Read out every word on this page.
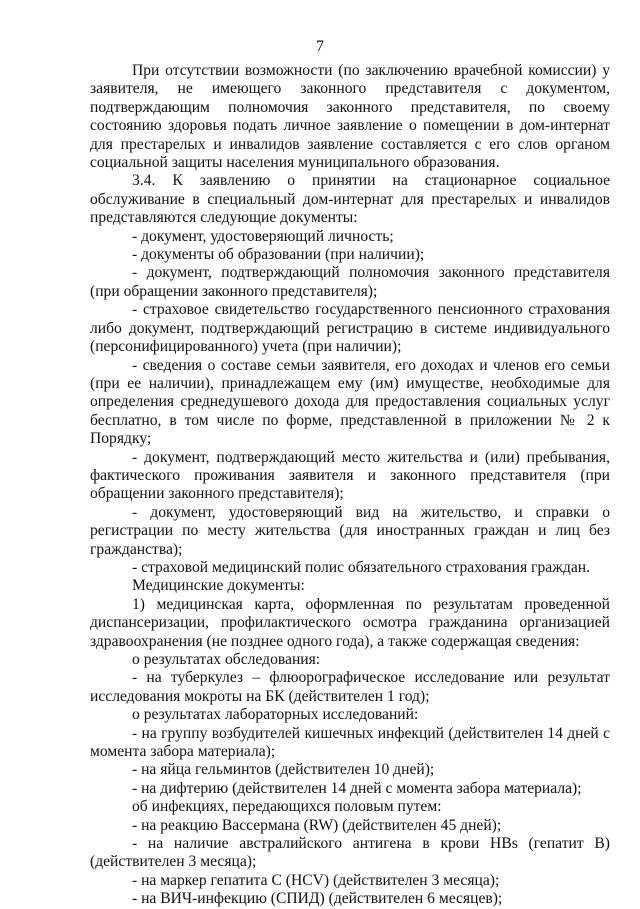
7

При отсутствии возможности (по заключению врачебной комиссии) у заявителя, не имеющего законного представителя с документом, подтверждающим полномочия законного представителя, по своему состоянию здоровья подать личное заявление о помещении в дом-интернат для престарелых и инвалидов заявление составляется с его слов органом социальной защиты населения муниципального образования.

3.4. К заявлению о принятии на стационарное социальное обслуживание в специальный дом-интернат для престарелых и инвалидов представляются следующие документы:

- документ, удостоверяющий личность;

- документы об образовании (при наличии);

- документ, подтверждающий полномочия законного представителя (при обращении законного представителя);

- страховое свидетельство государственного пенсионного страхования либо документ, подтверждающий регистрацию в системе индивидуального (персонифицированного) учета (при наличии);

- сведения о составе семьи заявителя, его доходах и членов его семьи (при ее наличии), принадлежащем ему (им) имуществе, необходимые для определения среднедушевого дохода для предоставления социальных услуг бесплатно, в том числе по форме, представленной в приложении № 2 к Порядку;

- документ, подтверждающий место жительства и (или) пребывания, фактического проживания заявителя и законного представителя (при обращении законного представителя);

- документ, удостоверяющий вид на жительство, и справки о регистрации по месту жительства (для иностранных граждан и лиц без гражданства);

- страховой медицинский полис обязательного страхования граждан.

Медицинские документы:

1) медицинская карта, оформленная по результатам проведенной диспансеризации, профилактического осмотра гражданина организацией здравоохранения (не позднее одного года), а также содержащая сведения:

о результатах обследования:

- на туберкулез – флюорографическое исследование или результат исследования мокроты на БК (действителен 1 год);

о результатах лабораторных исследований:

- на группу возбудителей кишечных инфекций (действителен 14 дней с момента забора материала);

- на яйца гельминтов (действителен 10 дней);

- на дифтерию (действителен 14 дней с момента забора материала);

об инфекциях, передающихся половым путем:

- на реакцию Вассермана (RW) (действителен 45 дней);

- на наличие австралийского антигена в крови HBs (гепатит B) (действителен 3 месяца);

- на маркер гепатита С (HCV) (действителен 3 месяца);

- на ВИЧ-инфекцию (СПИД) (действителен 6 месяцев);
